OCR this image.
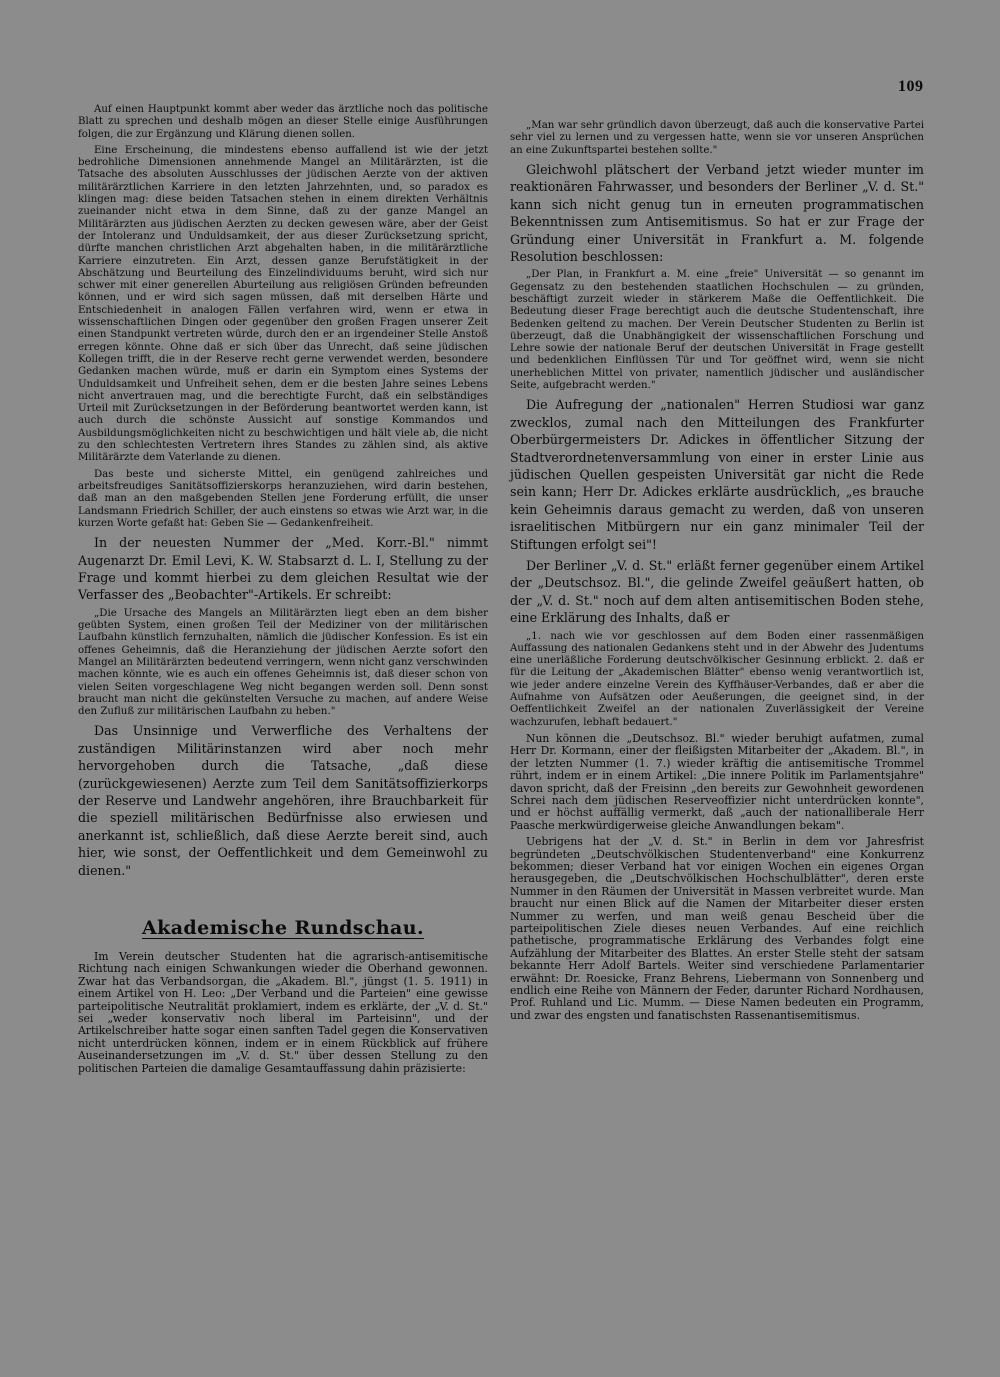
109

Auf einen Hauptpunkt kommt aber weder das ärztliche noch das politische Blatt zu sprechen und deshalb mögen an dieser Stelle einige Ausführungen folgen, die zur Ergänzung und Klärung dienen sollen.

Eine Erscheinung, die mindestens ebenso auffallend ist wie der jetzt bedrohliche Dimensionen annehmende Mangel an Militärärzten, ist die Tatsache des absoluten Ausschlusses der jüdischen Aerzte von der aktiven militärärztlichen Karriere in den letzten Jahrzehnten, und, so paradox es klingen mag: diese beiden Tatsachen stehen in einem direkten Verhältnis zueinander nicht etwa in dem Sinne, daß zu der ganze Mangel an Militärärzten aus jüdischen Aerzten zu decken gewesen wäre, aber der Geist der Intoleranz und Unduldsamkeit, der aus dieser Zurücksetzung spricht, dürfte manchen christlichen Arzt abgehalten haben, in die militärärztliche Karriere einzutreten. Ein Arzt, dessen ganze Berufstätigkeit in der Abschätzung und Beurteilung des Einzelindividuums beruht, wird sich nur schwer mit einer generellen Aburteilung aus religiösen Gründen befreunden können, und er wird sich sagen müssen, daß mit derselben Härte und Entschiedenheit in analogen Fällen verfahren wird, wenn er etwa in wissenschaftlichen Dingen oder gegenüber den großen Fragen unserer Zeit einen Standpunkt vertreten würde, durch den er an irgendeiner Stelle Anstoß erregen könnte. Ohne daß er sich über das Unrecht, daß seine jüdischen Kollegen trifft, die in der Reserve recht gerne verwendet werden, besondere Gedanken machen würde, muß er darin ein Symptom eines Systems der Unduldsamkeit und Unfreiheit sehen, dem er die besten Jahre seines Lebens nicht anvertrauen mag, und die berechtigte Furcht, daß ein selbständiges Urteil mit Zurücksetzungen in der Beförderung beantwortet werden kann, ist auch durch die schönste Aussicht auf sonstige Kommandos und Ausbildungsmöglichkeiten nicht zu beschwichtigen und hält viele ab, die nicht zu den schlechtesten Vertretern ihres Standes zu zählen sind, als aktive Militärärzte dem Vaterlande zu dienen.

Das beste und sicherste Mittel, ein genügend zahlreiches und arbeitsfreudiges Sanitätsoffizierskorps heranzuziehen, wird darin bestehen, daß man an den maßgebenden Stellen jene Forderung erfüllt, die unser Landsmann Friedrich Schiller, der auch einstens so etwas wie Arzt war, in die kurzen Worte gefaßt hat: Geben Sie — Gedankenfreiheit.

In der neuesten Nummer der „Med. Korr.-Bl." nimmt Augenarzt Dr. Emil Levi, K. W. Stabsarzt d. L. I, Stellung zu der Frage und kommt hierbei zu dem gleichen Resultat wie der Verfasser des „Beobachter"-Artikels. Er schreibt:

„Die Ursache des Mangels an Militärärzten liegt eben an dem bisher geübten System, einen großen Teil der Mediziner von der militärischen Laufbahn künstlich fernzuhalten, nämlich die jüdischer Konfession. Es ist ein offenes Geheimnis, daß die Heranziehung der jüdischen Aerzte sofort den Mangel an Militärärzten bedeutend verringern, wenn nicht ganz verschwinden machen könnte, wie es auch ein offenes Geheimnis ist, daß dieser schon von vielen Seiten vorgeschlagene Weg nicht begangen werden soll. Denn sonst braucht man nicht die gekünstelten Versuche zu machen, auf andere Weise den Zufluß zur militärischen Laufbahn zu heben."

Das Unsinnige und Verwerfliche des Verhaltens der zuständigen Militärinstanzen wird aber noch mehr hervorgehoben durch die Tatsache, „daß diese (zurückgewiesenen) Aerzte zum Teil dem Sanitätsoffizierkorps der Reserve und Landwehr angehören, ihre Brauchbarkeit für die speziell militärischen Bedürfnisse also erwiesen und anerkannt ist, schließlich, daß diese Aerzte bereit sind, auch hier, wie sonst, der Oeffentlichkeit und dem Gemeinwohl zu dienen."

Akademische Rundschau.

Im Verein deutscher Studenten hat die agrarisch-antisemitische Richtung nach einigen Schwankungen wieder die Oberhand gewonnen. Zwar hat das Verbandsorgan, die „Akadem. Bl.", jüngst (1. 5. 1911) in einem Artikel von H. Leo: „Der Verband und die Parteien" eine gewisse parteipolitische Neutralität proklamiert, indem es erklärte, der „V. d. St." sei „weder konservativ noch liberal im Parteisinn", und der Artikelschreiber hatte sogar einen sanften Tadel gegen die Konservativen nicht unterdrücken können, indem er in einem Rückblick auf frühere Auseinandersetzungen im „V. d. St." über dessen Stellung zu den politischen Parteien die damalige Gesamtauffassung dahin präzisierte:

„Man war sehr gründlich davon überzeugt, daß auch die konservative Partei sehr viel zu lernen und zu vergessen hatte, wenn sie vor unseren Ansprüchen an eine Zukunftspartei bestehen sollte."

Gleichwohl plätschert der Verband jetzt wieder munter im reaktionären Fahrwasser, und besonders der Berliner „V. d. St." kann sich nicht genug tun in erneuten programmatischen Bekenntnissen zum Antisemitismus. So hat er zur Frage der Gründung einer Universität in Frankfurt a. M. folgende Resolution beschlossen:

„Der Plan, in Frankfurt a. M. eine „freie" Universität — so genannt im Gegensatz zu den bestehenden staatlichen Hochschulen — zu gründen, beschäftigt zurzeit wieder in stärkerem Maße die Oeffentlichkeit. Die Bedeutung dieser Frage berechtigt auch die deutsche Studentenschaft, ihre Bedenken geltend zu machen. Der Verein Deutscher Studenten zu Berlin ist überzeugt, daß die Unabhängigkeit der wissenschaftlichen Forschung und Lehre sowie der nationale Beruf der deutschen Universität in Frage gestellt und bedenklichen Einflüssen Tür und Tor geöffnet wird, wenn sie nicht unerheblichen Mittel von privater, namentlich jüdischer und ausländischer Seite, aufgebracht werden."

Die Aufregung der „nationalen" Herren Studiosi war ganz zwecklos, zumal nach den Mitteilungen des Frankfurter Oberbürgermeisters Dr. Adickes in öffentlicher Sitzung der Stadtverordnetenversammlung von einer in erster Linie aus jüdischen Quellen gespeisten Universität gar nicht die Rede sein kann; Herr Dr. Adickes erklärte ausdrücklich, „es brauche kein Geheimnis daraus gemacht zu werden, daß von unseren israelitischen Mitbürgern nur ein ganz minimaler Teil der Stiftungen erfolgt sei"!

Der Berliner „V. d. St." erläßt ferner gegenüber einem Artikel der „Deutschsoz. Bl.", die gelinde Zweifel geäußert hatten, ob der „V. d. St." noch auf dem alten antisemitischen Boden stehe, eine Erklärung des Inhalts, daß er

„1. nach wie vor geschlossen auf dem Boden einer rassenmäßigen Auffassung des nationalen Gedankens steht und in der Abwehr des Judentums eine unerläßliche Forderung deutschvölkischer Gesinnung erblickt. 2. daß er für die Leitung der „Akademischen Blätter" ebenso wenig verantwortlich ist, wie jeder andere einzelne Verein des Kyffhäuser-Verbandes, daß er aber die Aufnahme von Aufsätzen oder Aeußerungen, die geeignet sind, in der Oeffentlichkeit Zweifel an der nationalen Zuverlässigkeit der Vereine wachzurufen, lebhaft bedauert."

Nun können die „Deutschsoz. Bl." wieder beruhigt aufatmen, zumal Herr Dr. Kormann, einer der fleißigsten Mitarbeiter der „Akadem. Bl.", in der letzten Nummer (1. 7.) wieder kräftig die antisemitische Trommel rührt, indem er in einem Artikel: „Die innere Politik im Parlamentsjahre" davon spricht, daß der Freisinn „den bereits zur Gewohnheit gewordenen Schrei nach dem jüdischen Reserveoffizier nicht unterdrücken konnte", und er höchst auffällig vermerkt, daß „auch der nationalliberale Herr Paasche merkwürdigerweise gleiche Anwandlungen bekam".

Uebrigens hat der „V. d. St." in Berlin in dem vor Jahresfrist begründeten „Deutschvölkischen Studentenverband" eine Konkurrenz bekommen; dieser Verband hat vor einigen Wochen ein eigenes Organ herausgegeben, die „Deutschvölkischen Hochschulblätter", deren erste Nummer in den Räumen der Universität in Massen verbreitet wurde. Man braucht nur einen Blick auf die Namen der Mitarbeiter dieser ersten Nummer zu werfen, und man weiß genau Bescheid über die parteipolitischen Ziele dieses neuen Verbandes. Auf eine reichlich pathetische, programmatische Erklärung des Verbandes folgt eine Aufzählung der Mitarbeiter des Blattes. An erster Stelle steht der satsam bekannte Herr Adolf Bartels. Weiter sind verschiedene Parlamentarier erwähnt: Dr. Roesicke, Franz Behrens, Liebermann von Sonnenberg und endlich eine Reihe von Männern der Feder, darunter Richard Nordhausen, Prof. Ruhland und Lic. Mumm. — Diese Namen bedeuten ein Programm, und zwar des engsten und fanatischsten Rassenantisemitismus.
